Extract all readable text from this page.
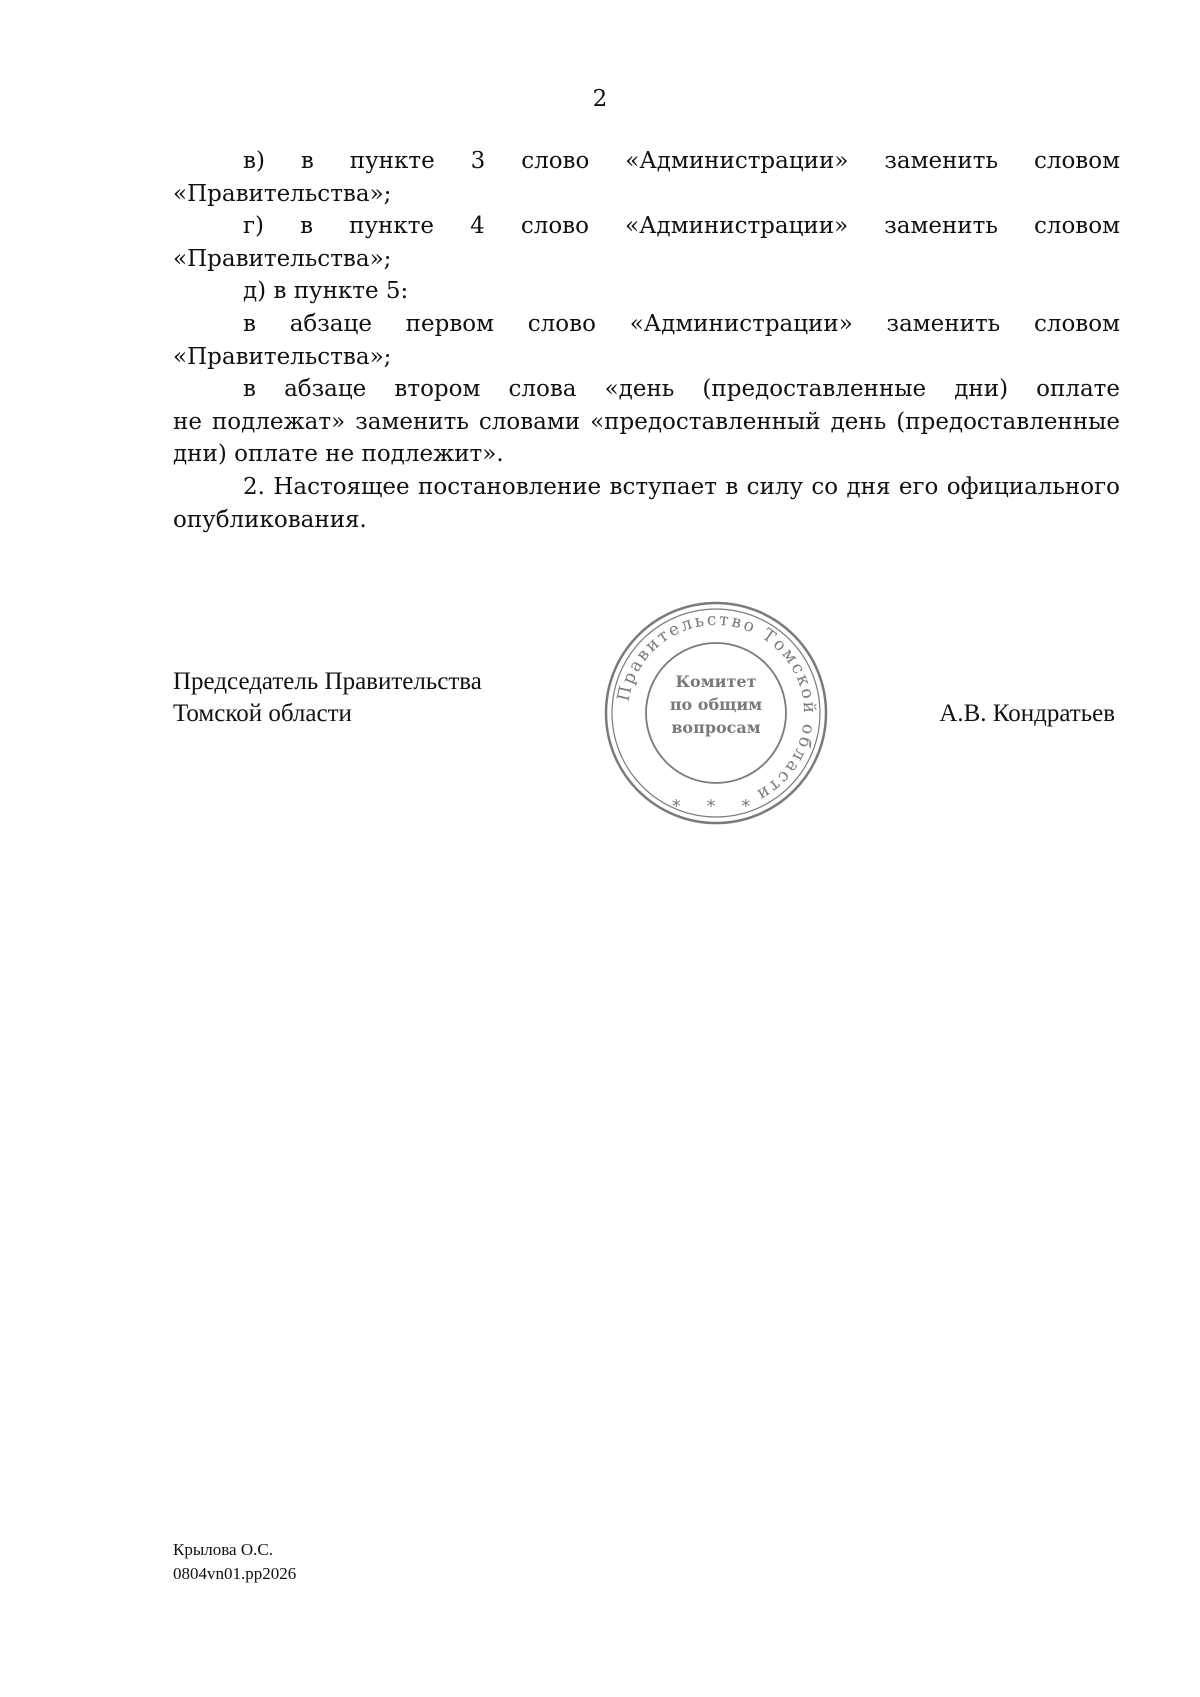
2

в) в пункте 3 слово «Администрации» заменить словом

«Правительства»;

г) в пункте 4 слово «Администрации» заменить словом

«Правительства»;

д) в пункте 5:

в абзаце первом слово «Администрации» заменить словом

«Правительства»;

в абзаце втором слова «день (предоставленные дни) оплате

не подлежат» заменить словами «предоставленный день (предоставленные

дни) оплате не подлежит».

2. Настоящее постановление вступает в силу со дня его официального

опубликования.

Председатель Правительства
Томской области
Правительство Томской области
Комитет
по общим
вопросам
* * *
А.В. Кондратьев
Крылова О.С.
0804vn01.pp2026
